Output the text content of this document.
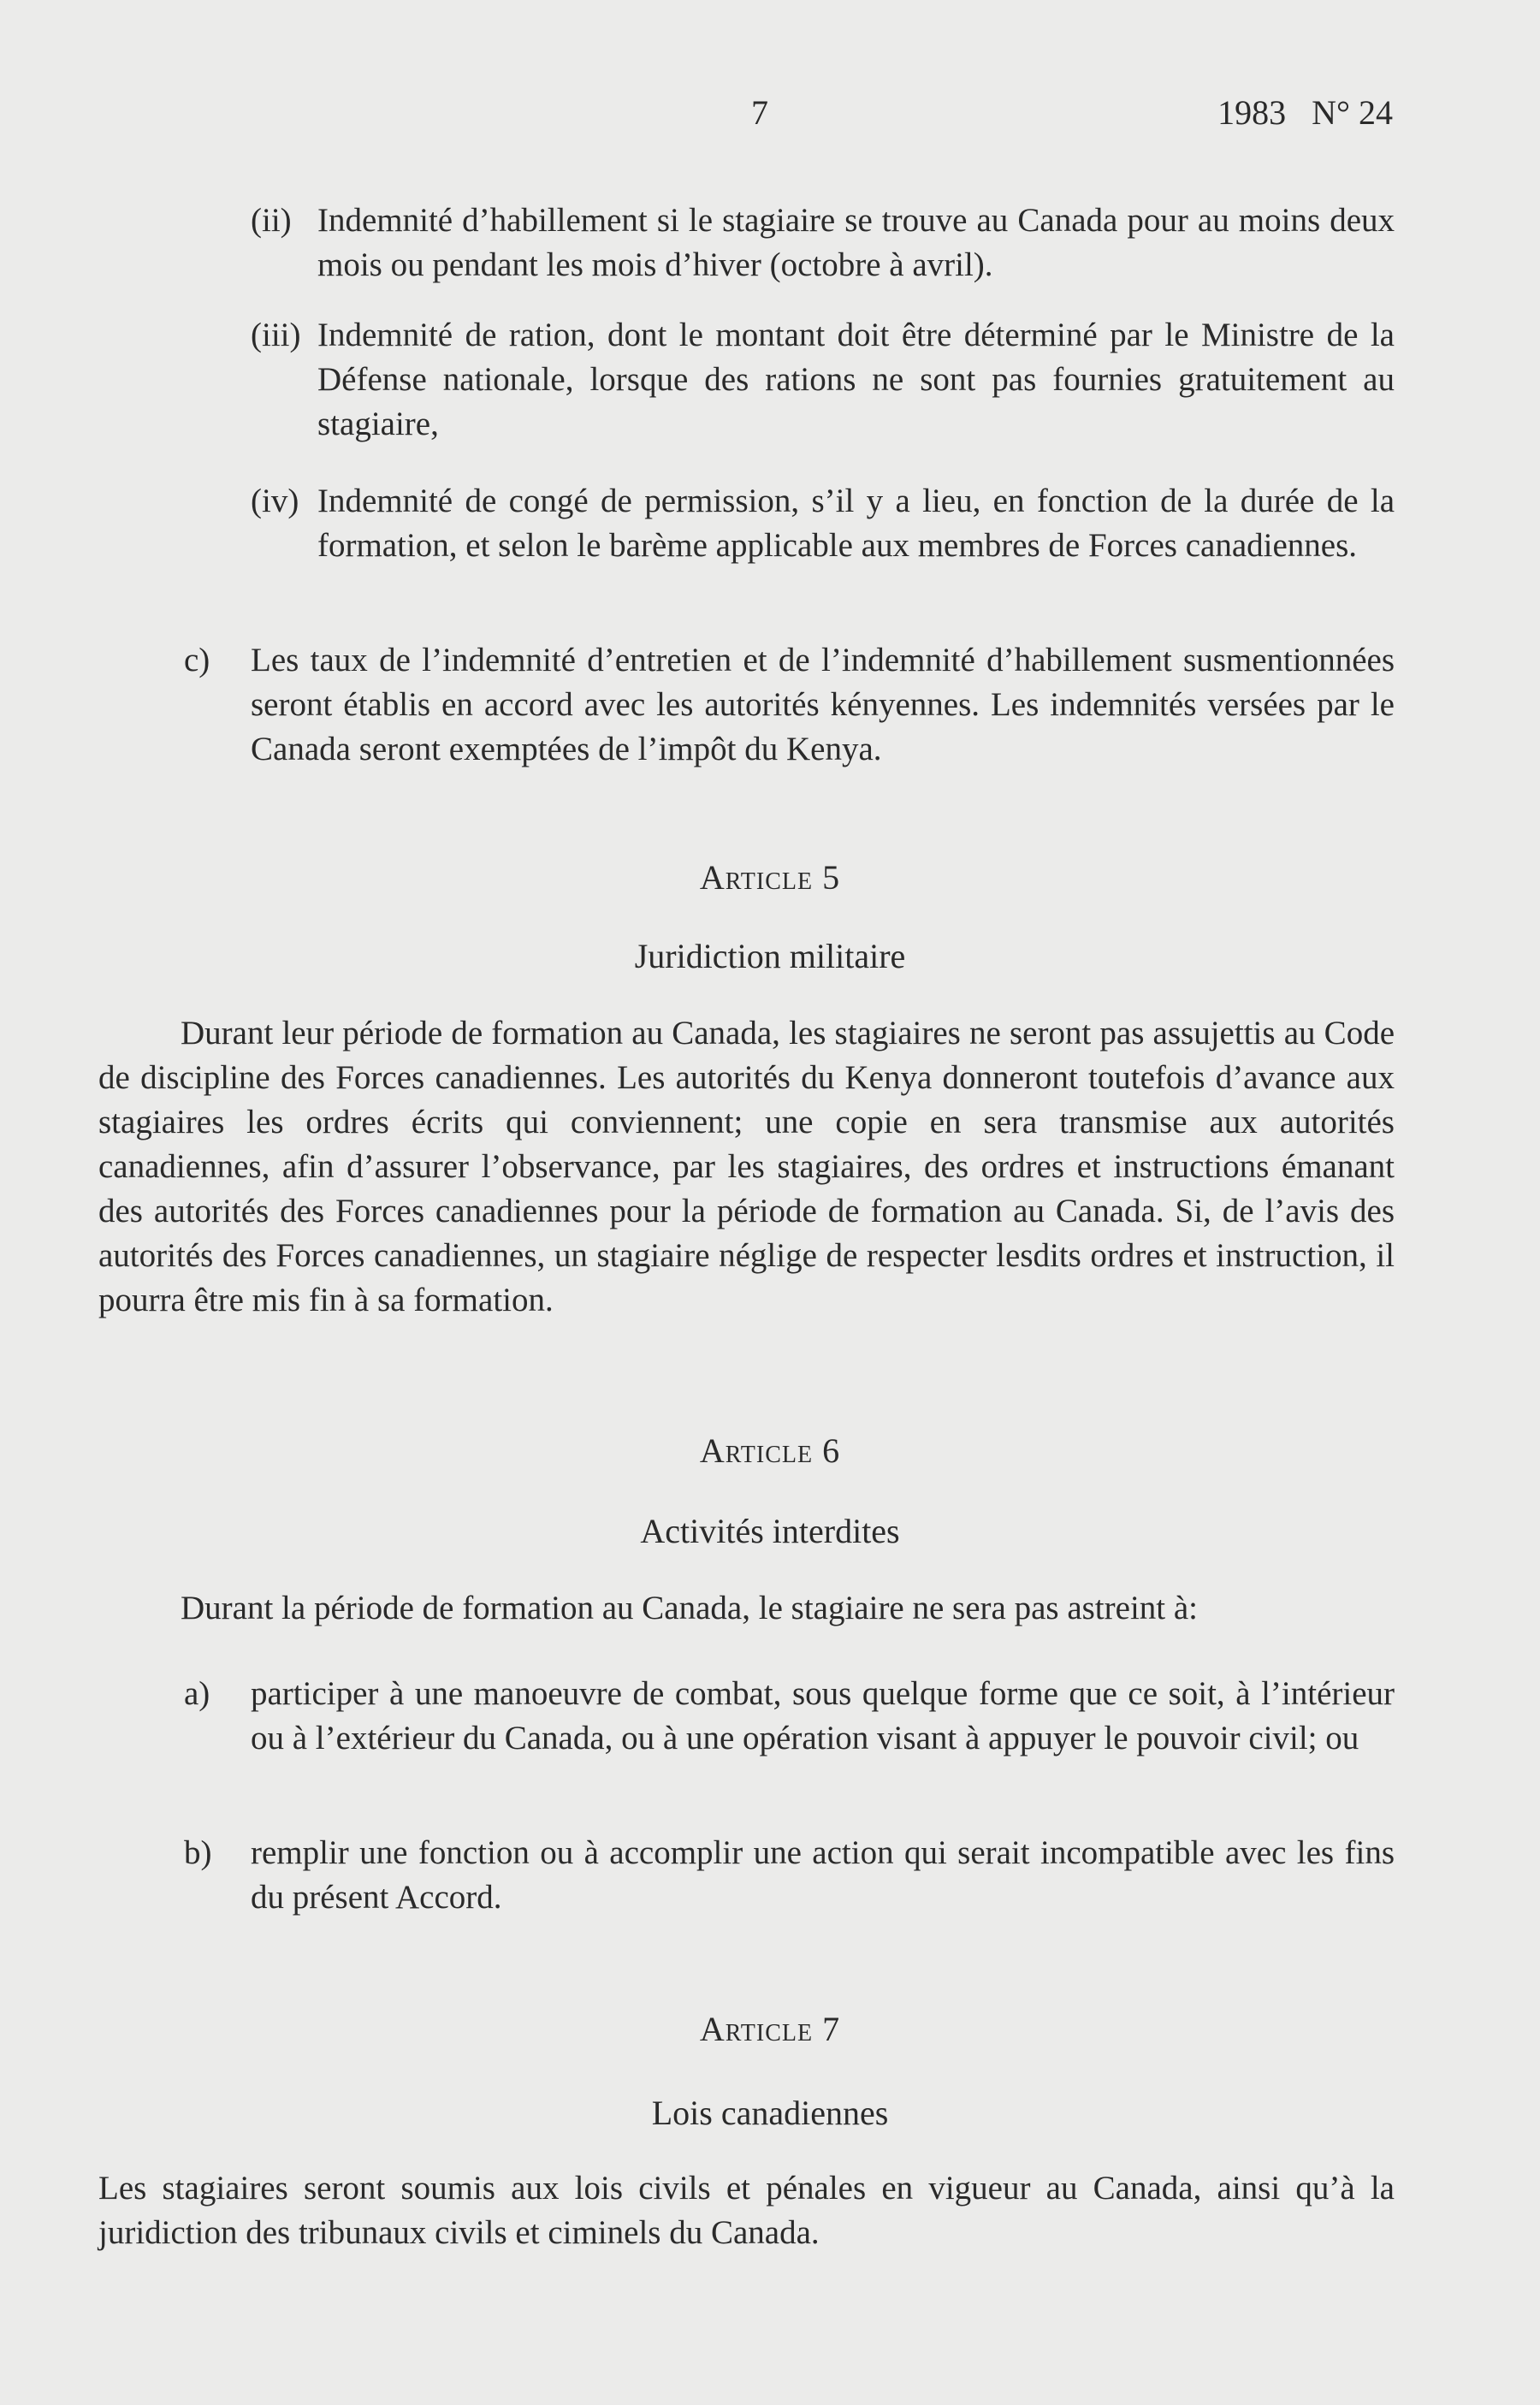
7	1983   N° 24
(ii) Indemnité d’habillement si le stagiaire se trouve au Canada pour au moins deux mois ou pendant les mois d’hiver (octobre à avril).
(iii) Indemnité de ration, dont le montant doit être déterminé par le Ministre de la Défense nationale, lorsque des rations ne sont pas fournies gratuitement au stagiaire,
(iv) Indemnité de congé de permission, s’il y a lieu, en fonction de la durée de la formation, et selon le barème applicable aux membres de Forces canadiennes.
c) Les taux de l’indemnité d’entretien et de l’indemnité d’habillement susmentionnées seront établis en accord avec les autorités kényennes. Les indemnités versées par le Canada seront exemptées de l’impôt du Kenya.
Article 5
Juridiction militaire

Durant leur période de formation au Canada, les stagiaires ne seront pas assujettis au Code de discipline des Forces canadiennes. Les autorités du Kenya donneront toutefois d’avance aux stagiaires les ordres écrits qui conviennent; une copie en sera transmise aux autorités canadiennes, afin d’assurer l’observance, par les stagiaires, des ordres et instructions émanant des autorités des Forces canadiennes pour la période de formation au Canada. Si, de l’avis des autorités des Forces canadiennes, un stagiaire néglige de respecter lesdits ordres et instruction, il pourra être mis fin à sa formation.

Article 6
Activités interdites

Durant la période de formation au Canada, le stagiaire ne sera pas astreint à:

a) participer à une manoeuvre de combat, sous quelque forme que ce soit, à l’intérieur ou à l’extérieur du Canada, ou à une opération visant à appuyer le pouvoir civil; ou
b) remplir une fonction ou à accomplir une action qui serait incompatible avec les fins du présent Accord.
Article 7
Lois canadiennes

Les stagiaires seront soumis aux lois civils et pénales en vigueur au Canada, ainsi qu’à la juridiction des tribunaux civils et ciminels du Canada.
